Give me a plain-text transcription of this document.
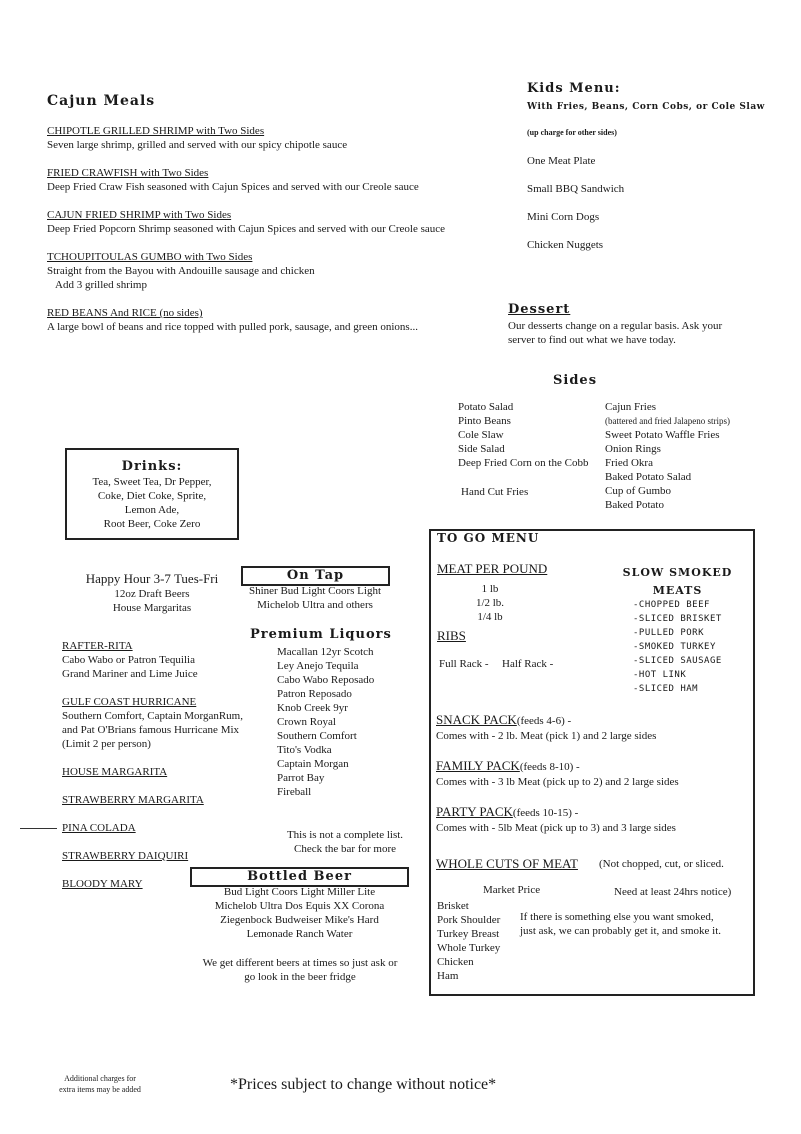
Cajun Meals
CHIPOTLE GRILLED SHRIMP with Two Sides
Seven large shrimp, grilled and served with our spicy chipotle sauce
FRIED CRAWFISH with Two Sides
Deep Fried Craw Fish seasoned with Cajun Spices and served with our Creole sauce
CAJUN FRIED SHRIMP with Two Sides
Deep Fried Popcorn Shrimp seasoned with Cajun Spices and served with our Creole sauce
TCHOUPITOULAS GUMBO with Two Sides
Straight from the Bayou with Andouille sausage and chicken
Add 3 grilled shrimp
RED BEANS And RICE (no sides)
A large bowl of beans and rice topped with pulled pork, sausage, and green onions...
Kids Menu:
With Fries, Beans, Corn Cobs, or Cole Slaw
(up charge for other sides)
One Meat Plate
Small BBQ Sandwich
Mini Corn Dogs
Chicken Nuggets
Dessert
Our desserts change on a regular basis. Ask your
server to find out what we have today.
Sides
Potato Salad
Pinto Beans
Cole Slaw
Side Salad
Deep Fried Corn on the Cobb
Hand Cut Fries
Cajun Fries
(battered and fried Jalapeno strips)
Sweet Potato Waffle Fries
Onion Rings
Fried Okra
Baked Potato Salad
Cup of Gumbo
Baked Potato
Drinks:
Tea, Sweet Tea, Dr Pepper,
Coke, Diet Coke, Sprite,
Lemon Ade,
Root Beer, Coke Zero
Happy Hour 3-7 Tues-Fri
12oz Draft Beers
House Margaritas
On Tap
Shiner Bud Light Coors Light
Michelob Ultra and others
RAFTER-RITA
Cabo Wabo or Patron Tequilia
Grand Mariner and Lime Juice
GULF COAST HURRICANE
Southern Comfort, Captain MorganRum,
and Pat O'Brians famous Hurricane Mix
(Limit 2 per person)
HOUSE MARGARITA
STRAWBERRY MARGARITA
PINA COLADA
STRAWBERRY DAIQUIRI
BLOODY MARY
Premium Liquors
Macallan 12yr Scotch
Ley Anejo Tequila
Cabo Wabo Reposado
Patron Reposado
Knob Creek 9yr
Crown Royal
Southern Comfort
Tito's Vodka
Captain Morgan
Parrot Bay
Fireball
This is not a complete list.
Check the bar for more
Bottled Beer
Bud Light Coors Light Miller Lite
Michelob Ultra Dos Equis XX Corona
Ziegenbock Budweiser Mike's Hard
Lemonade Ranch Water
We get different beers at times so just ask or
go look in the beer fridge
TO GO MENU
MEAT PER POUND
1 lb
1/2 lb.
1/4 lb
RIBS
Full Rack - Half Rack -
SLOW SMOKED
MEATS
-CHOPPED BEEF
-SLICED BRISKET
-PULLED PORK
-SMOKED TURKEY
-SLICED SAUSAGE
-HOT LINK
-SLICED HAM
SNACK PACK(feeds 4-6) -
Comes with - 2 lb. Meat (pick 1) and 2 large sides
FAMILY PACK(feeds 8-10) -
Comes with - 3 lb Meat (pick up to 2) and 2 large sides
PARTY PACK(feeds 10-15) -
Comes with - 5lb Meat (pick up to 3) and 3 large sides
WHOLE CUTS OF MEAT (Not chopped, cut, or sliced.
Market Price	Need at least 24hrs notice)
Brisket
Pork Shoulder
Turkey Breast
Whole Turkey
Chicken
Ham
If there is something else you want smoked,
just ask, we can probably get it, and smoke it.
Additional charges for
extra items may be added	*Prices subject to change without notice*
